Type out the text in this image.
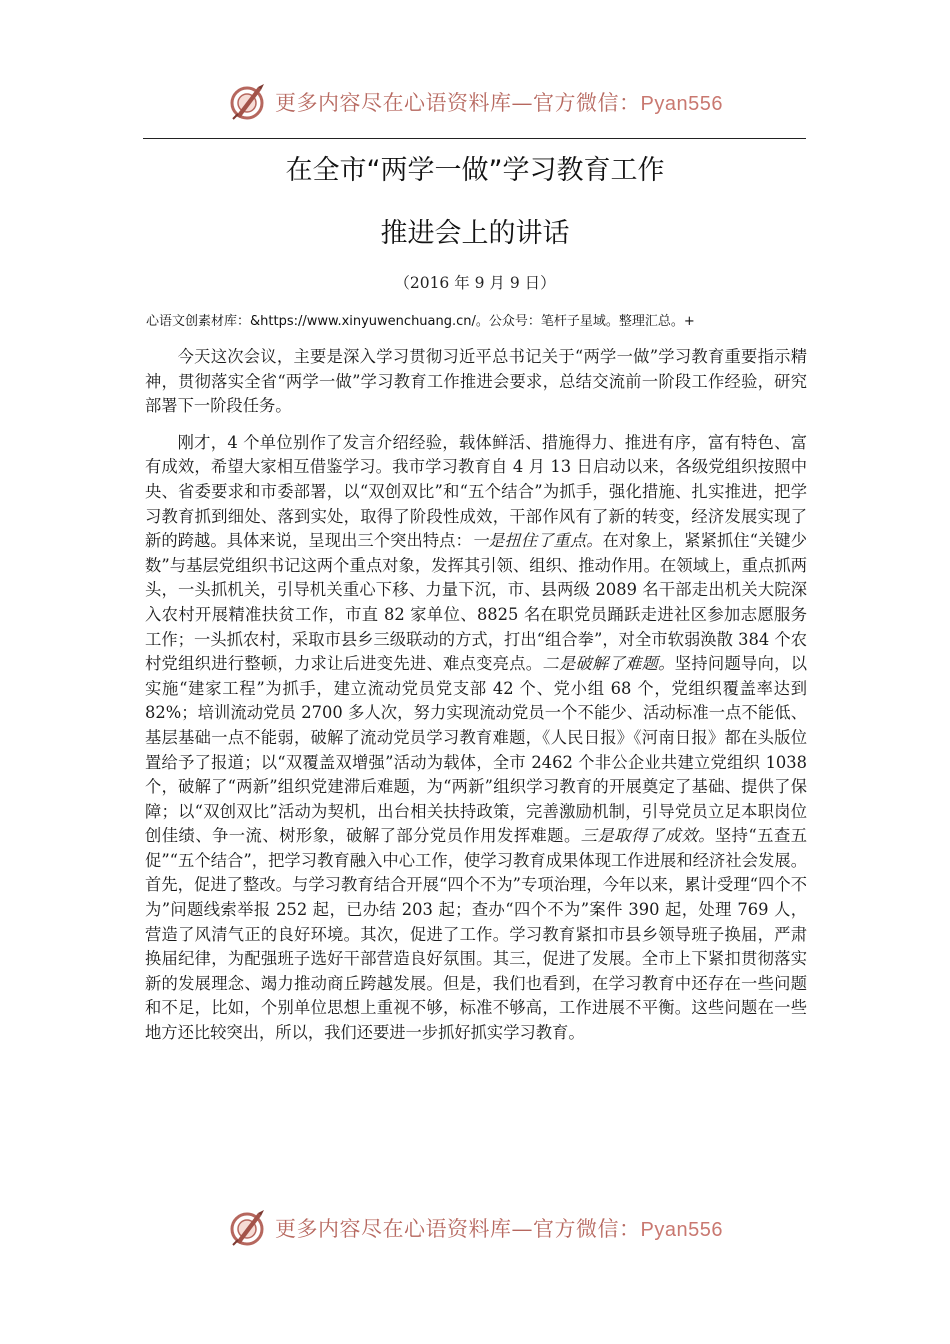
更多内容尽在心语资料库—官方微信：Pyan556
在全市“两学一做”学习教育工作
推进会上的讲话
（2016 年 9 月 9 日）
心语文创素材库：&https://www.xinyuwenchuang.cn/。公众号：笔杆子星域。整理汇总。+

今天这次会议，主要是深入学习贯彻习近平总书记关于“两学一做”学习教育重要指示精神，贯彻落实全省“两学一做”学习教育工作推进会要求，总结交流前一阶段工作经验，研究部署下一阶段任务。

刚才，4 个单位别作了发言介绍经验，载体鲜活、措施得力、推进有序，富有特色、富有成效，希望大家相互借鉴学习。我市学习教育自 4 月 13 日启动以来，各级党组织按照中央、省委要求和市委部署，以“双创双比”和“五个结合”为抓手，强化措施、扎实推进，把学习教育抓到细处、落到实处，取得了阶段性成效，干部作风有了新的转变，经济发展实现了新的跨越。具体来说，呈现出三个突出特点：一是扭住了重点。在对象上，紧紧抓住“关键少数”与基层党组织书记这两个重点对象，发挥其引领、组织、推动作用。在领域上，重点抓两头，一头抓机关，引导机关重心下移、力量下沉，市、县两级 2089 名干部走出机关大院深入农村开展精准扶贫工作，市直 82 家单位、8825 名在职党员踊跃走进社区参加志愿服务工作；一头抓农村，采取市县乡三级联动的方式，打出“组合拳”，对全市软弱涣散 384 个农村党组织进行整顿，力求让后进变先进、难点变亮点。二是破解了难题。坚持问题导向，以实施“建家工程”为抓手，建立流动党员党支部 42 个、党小组 68 个，党组织覆盖率达到 82%；培训流动党员 2700 多人次，努力实现流动党员一个不能少、活动标准一点不能低、基层基础一点不能弱，破解了流动党员学习教育难题，《人民日报》《河南日报》都在头版位置给予了报道；以“双覆盖双增强”活动为载体，全市 2462 个非公企业共建立党组织 1038 个，破解了“两新”组织党建滞后难题，为“两新”组织学习教育的开展奠定了基础、提供了保障；以“双创双比”活动为契机，出台相关扶持政策，完善激励机制，引导党员立足本职岗位创佳绩、争一流、树形象，破解了部分党员作用发挥难题。三是取得了成效。坚持“五查五促”“五个结合”，把学习教育融入中心工作，使学习教育成果体现工作进展和经济社会发展。首先，促进了整改。与学习教育结合开展“四个不为”专项治理，今年以来，累计受理“四个不为”问题线索举报 252 起，已办结 203 起；查办“四个不为”案件 390 起，处理 769 人，营造了风清气正的良好环境。其次，促进了工作。学习教育紧扣市县乡领导班子换届，严肃换届纪律，为配强班子选好干部营造良好氛围。其三，促进了发展。全市上下紧扣贯彻落实新的发展理念、竭力推动商丘跨越发展。但是，我们也看到，在学习教育中还存在一些问题和不足，比如，个别单位思想上重视不够，标准不够高，工作进展不平衡。这些问题在一些地方还比较突出，所以，我们还要进一步抓好抓实学习教育。

更多内容尽在心语资料库—官方微信：Pyan556
